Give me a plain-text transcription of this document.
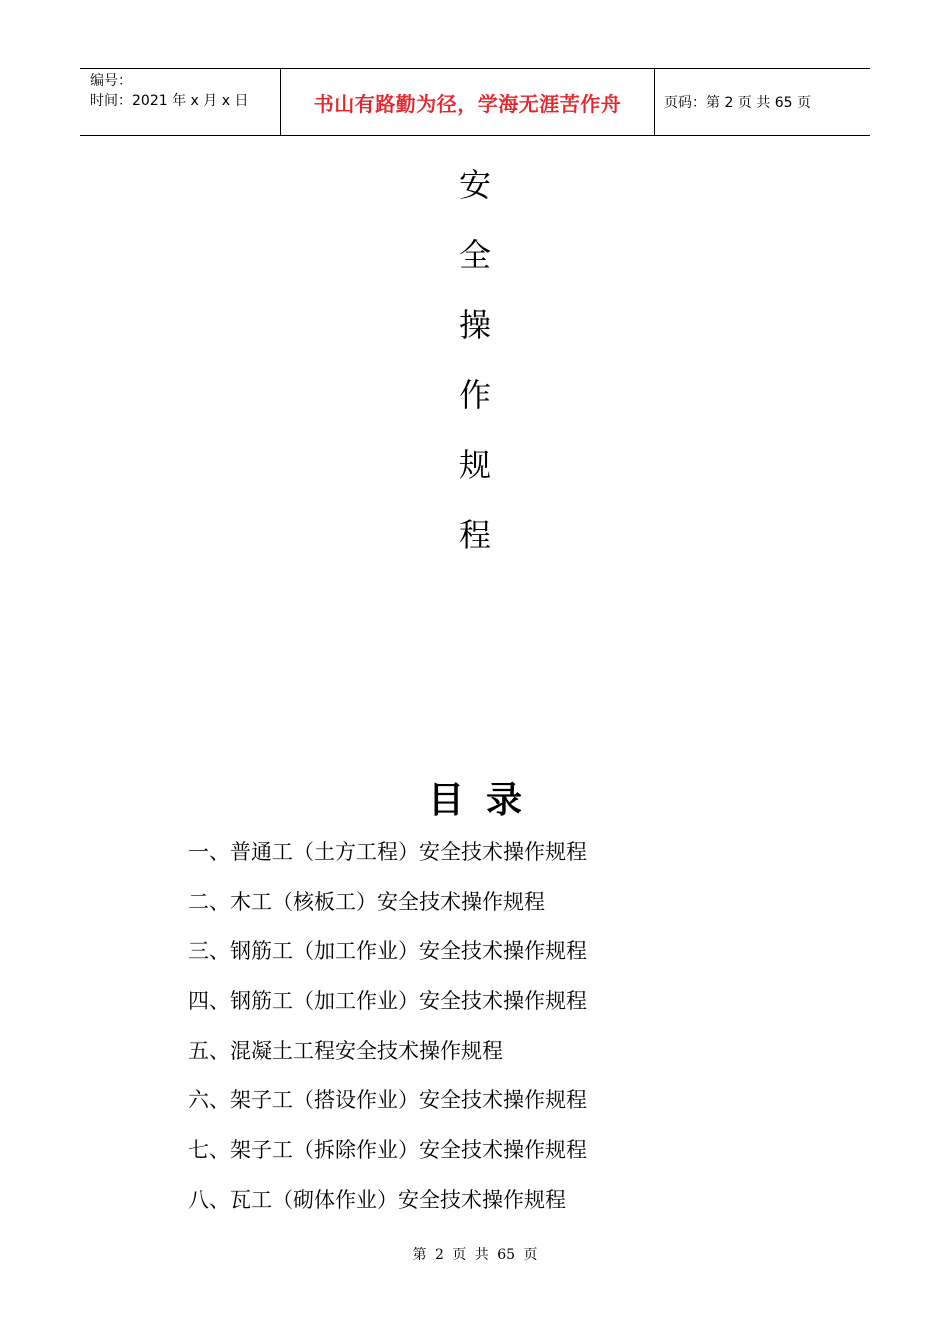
编号：
时间：2021 年 x 月 x 日	书山有路勤为径，学海无涯苦作舟	页码：第 2 页 共 65 页
安
全
操
作
规
程
目录
一、普通工（土方工程）安全技术操作规程
二、木工（核板工）安全技术操作规程
三、钢筋工（加工作业）安全技术操作规程
四、钢筋工（加工作业）安全技术操作规程
五、混凝土工程安全技术操作规程
六、架子工（搭设作业）安全技术操作规程
七、架子工（拆除作业）安全技术操作规程
八、瓦工（砌体作业）安全技术操作规程
第 2 页 共 65 页
